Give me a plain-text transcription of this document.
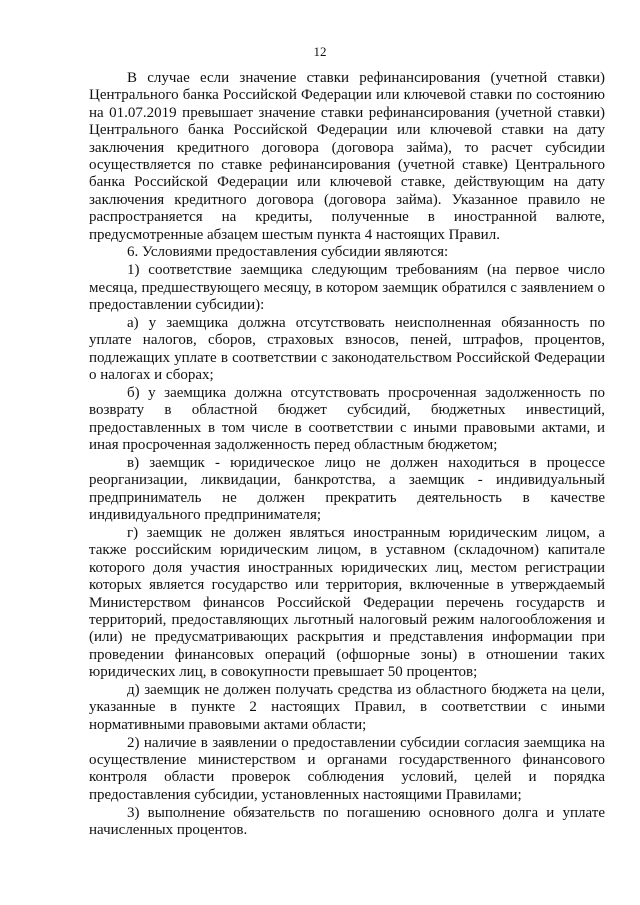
12

В случае если значение ставки рефинансирования (учетной ставки) Центрального банка Российской Федерации или ключевой ставки по состоянию на 01.07.2019 превышает значение ставки рефинансирования (учетной ставки) Центрального банка Российской Федерации или ключевой ставки на дату заключения кредитного договора (договора займа), то расчет субсидии осуществляется по ставке рефинансирования (учетной ставке) Центрального банка Российской Федерации или ключевой ставке, действующим на дату заключения кредитного договора (договора займа). Указанное правило не распространяется на кредиты, полученные в иностранной валюте, предусмотренные абзацем шестым пункта 4 настоящих Правил.

6. Условиями предоставления субсидии являются:

1) соответствие заемщика следующим требованиям (на первое число месяца, предшествующего месяцу, в котором заемщик обратился с заявлением о предоставлении субсидии):

а) у заемщика должна отсутствовать неисполненная обязанность по уплате налогов, сборов, страховых взносов, пеней, штрафов, процентов, подлежащих уплате в соответствии с законодательством Российской Федерации о налогах и сборах;

б) у заемщика должна отсутствовать просроченная задолженность по возврату в областной бюджет субсидий, бюджетных инвестиций, предоставленных в том числе в соответствии с иными правовыми актами, и иная просроченная задолженность перед областным бюджетом;

в) заемщик - юридическое лицо не должен находиться в процессе реорганизации, ликвидации, банкротства, а заемщик - индивидуальный предприниматель не должен прекратить деятельность в качестве индивидуального предпринимателя;

г) заемщик не должен являться иностранным юридическим лицом, а также российским юридическим лицом, в уставном (складочном) капитале которого доля участия иностранных юридических лиц, местом регистрации которых является государство или территория, включенные в утверждаемый Министерством финансов Российской Федерации перечень государств и территорий, предоставляющих льготный налоговый режим налогообложения и (или) не предусматривающих раскрытия и представления информации при проведении финансовых операций (офшорные зоны) в отношении таких юридических лиц, в совокупности превышает 50 процентов;

д) заемщик не должен получать средства из областного бюджета на цели, указанные в пункте 2 настоящих Правил, в соответствии с иными нормативными правовыми актами области;

2) наличие в заявлении о предоставлении субсидии согласия заемщика на осуществление министерством и органами государственного финансового контроля области проверок соблюдения условий, целей и порядка предоставления субсидии, установленных настоящими Правилами;

3) выполнение обязательств по погашению основного долга и уплате начисленных процентов.
